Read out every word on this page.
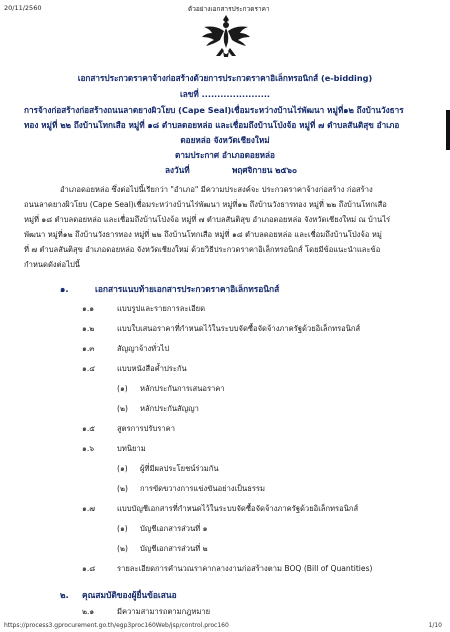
20/11/2560	ตัวอย่างเอกสารประกวดราคา
เอกสารประกวดราคาจ้างก่อสร้างด้วยการประกวดราคาอิเล็กทรอนิกส์ (e-bidding)
เลขที่ ......................
การจ้างก่อสร้างก่อสร้างถนนลาดยางผิวโยบ (Cape Seal)เชื่อมระหว่างบ้านไร่พัฒนา หมู่ที่๑๒ ถึงบ้านวังธาร
ทอง หมู่ที่ ๒๒ ถึงบ้านโทกเสือ หมู่ที่ ๑๘ ตำบลดอยหล่อ และเชื่อมถึงบ้านโป่งจ้อ หมู่ที่ ๗ ตำบลสันติสุข อำเภอ
ดอยหล่อ จังหวัดเชียงใหม่
ตามประกาศ อำเภอดอยหล่อ
ลงวันที่	พฤศจิกายน ๒๕๖๐
อำเภอดอยหล่อ ซึ่งต่อไปนี้เรียกว่า "อำเภอ" มีความประสงค์จะ ประกวดราคาจ้างก่อสร้าง ก่อสร้าง
ถนนลาดยางผิวโยบ (Cape Seal)เชื่อมระหว่างบ้านไร่พัฒนา หมู่ที่๑๒ ถึงบ้านวังธารทอง หมู่ที่ ๒๒ ถึงบ้านโทกเสือ
หมู่ที่ ๑๘ ตำบลดอยหล่อ และเชื่อมถึงบ้านโป่งจ้อ หมู่ที่ ๗ ตำบลสันติสุข อำเภอดอยหล่อ จังหวัดเชียงใหม่ ณ บ้านไร่
พัฒนา หมู่ที่๑๒ ถึงบ้านวังธารทอง หมู่ที่ ๒๒ ถึงบ้านโทกเสือ หมู่ที่ ๑๘ ตำบลดอยหล่อ และเชื่อมถึงบ้านโป่งจ้อ หมู่
ที่ ๗ ตำบลสันติสุข อำเภอดอยหล่อ จังหวัดเชียงใหม่ ด้วยวิธีประกวดราคาอิเล็กทรอนิกส์ โดยมีข้อแนะนำและข้อ
กำหนดดังต่อไปนี้
๑.	เอกสารแนบท้ายเอกสารประกวดราคาอิเล็กทรอนิกส์
๑.๑	แบบรูปและรายการละเอียด
๑.๒	แบบใบเสนอราคาที่กำหนดไว้ในระบบจัดซื้อจัดจ้างภาครัฐด้วยอิเล็กทรอนิกส์
๑.๓	สัญญาจ้างทั่วไป
๑.๔	แบบหนังสือค้ำประกัน
(๑) หลักประกันการเสนอราคา
(๒) หลักประกันสัญญา
๑.๕	สูตรการปรับราคา
๑.๖	บทนิยาม
(๑) ผู้ที่มีผลประโยชน์ร่วมกัน
(๒) การขัดขวางการแข่งขันอย่างเป็นธรรม
๑.๗	แบบบัญชีเอกสารที่กำหนดไว้ในระบบจัดซื้อจัดจ้างภาครัฐด้วยอิเล็กทรอนิกส์
(๑) บัญชีเอกสารส่วนที่ ๑
(๒) บัญชีเอกสารส่วนที่ ๒
๑.๘	รายละเอียดการคำนวณราคากลางงานก่อสร้างตาม BOQ (Bill of Quantities)
๒. คุณสมบัติของผู้ยื่นข้อเสนอ
๒.๑	มีความสามารถตามกฎหมาย
https://process3.gprocurement.go.th/egp3proc160Web/jsp/control.proc160	1/10
